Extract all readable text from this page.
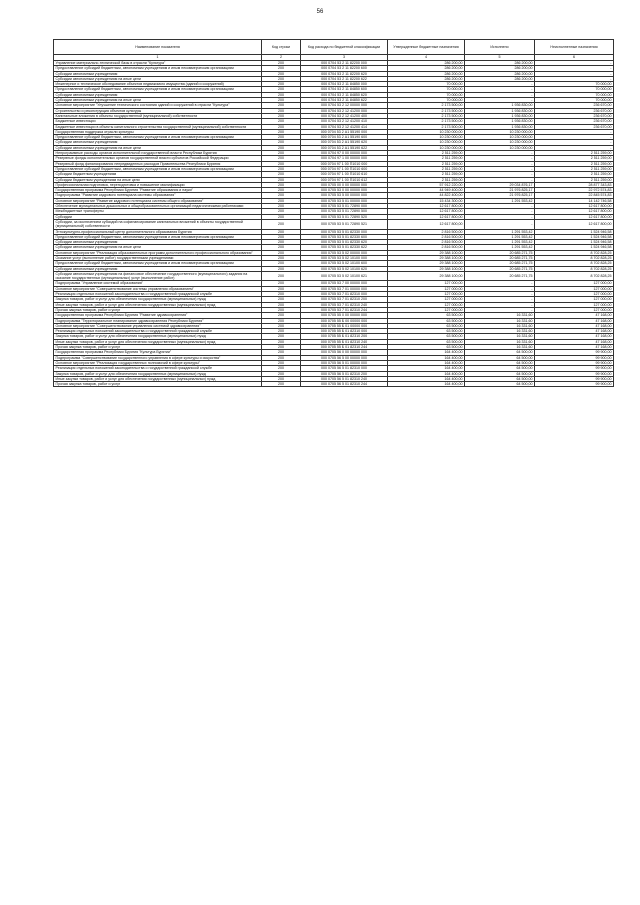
56
Наименование показателя	Код строки	Код расхода по бюджетной классификации	Утвержденные бюджетные назначения	Исполнено	Неисполненные назначения
1	2	3	4	5	6
Управление материально-технической базы в отрасли "Культура"	200	000 0704 53 2 11 82200 000	286 200,00	286 200,00	-
Предоставление субсидий бюджетным, автономным учреждениям и иным некоммерческим организациям	200	000 0704 53 2 11 82200 600	286 200,00	286 200,00	-
Субсидии автономным учреждениям	200	000 0704 53 2 11 82200 620	286 200,00	286 200,00	-
Субсидии автономным учреждениям на иные цели	200	000 0704 53 2 11 82200 622	286 200,00	286 200,00	-
Инженерное и техническое обследование объектов недвижимого имущества (зданий и сооружений)	200	000 0704 53 2 11 84850 000	70 000,00	-	70 000,00
Предоставление субсидий бюджетным, автономным учреждениям и иным некоммерческим организациям	200	000 0704 53 2 11 84850 600	70 000,00	-	70 000,00
Субсидии автономным учреждениям	200	000 0704 53 2 11 84850 620	70 000,00	-	70 000,00
Субсидии автономным учреждениям на иные цели	200	000 0704 53 2 11 84850 622	70 000,00	-	70 000,00
Основное мероприятие "Улучшение технического состояния зданий и сооружений в отрасли "Культура"	200	000 0704 53 2 12 00000 000	2 173 500,00	1 936 830,00	236 670,00
Строительство и реконструкция объектов культуры	200	000 0704 53 2 12 41200 000	2 173 500,00	1 936 830,00	236 670,00
Капитальные вложения в объекты государственной (муниципальной) собственности	200	000 0704 53 2 12 41200 400	2 173 500,00	1 936 830,00	236 670,00
Бюджетные инвестиции	200	000 0704 53 2 12 41200 410	2 173 500,00	1 936 830,00	236 670,00
Бюджетные инвестиции в объекты капитального строительства государственной (муниципальной) собственности	200	000 0704 53 2 12 41200 414	2 173 500,00	1 936 830,00	236 670,00
Государственная поддержка отрасли культуры	200	000 0704 53 2 А1 55190 000	10 230 000,00	10 230 000,00	-
Предоставление субсидий бюджетным, автономным учреждениям и иным некоммерческим организациям	200	000 0704 53 2 А1 55190 600	10 230 000,00	10 230 000,00	-
Субсидии автономным учреждениям	200	000 0704 53 2 А1 55190 620	10 230 000,00	10 230 000,00	-
Субсидии автономным учреждениям на иные цели	200	000 0704 53 2 А1 55190 622	10 230 000,00	10 230 000,00	-
Непрограммные расходы органов исполнительной государственной власти Республики Бурятия	200	000 0704 97 0 00 00000 000	2 511 259,00	-	2 511 259,00
Резервные фонды исполнительных органов государственной власти субъектов Российской Федерации	200	000 0704 97 1 00 00000 000	2 511 259,00	-	2 511 259,00
Резервный фонд финансирования непредвиденных расходов Правительства Республики Бурятия	200	000 0704 97 1 00 П1010 000	2 511 259,00	-	2 511 259,00
Предоставление субсидий бюджетным, автономным учреждениям и иным некоммерческим организациям	200	000 0704 97 1 00 П1010 600	2 511 259,00	-	2 511 259,00
Субсидии бюджетным учреждениям	200	000 0704 97 1 00 П1010 610	2 511 259,00	-	2 511 259,00
Субсидии бюджетным учреждениям на иные цели	200	000 0704 97 1 00 П1010 612	2 511 259,00	-	2 511 259,00
Профессиональная подготовка, переподготовка и повышение квалификации	200	000 0705 00 0 00 00000 000	57 912 220,00	29 034 876,17	28 877 343,83
Государственная программа Республики Бурятия "Развитие образования и науки"	200	000 0705 53 0 00 00000 000	44 949 400,00	21 976 825,17	22 972 574,83
Подпрограмма "Развитие кадрового потенциала системы образования"	200	000 0705 53 5 00 00000 000	44 822 400,00	21 976 825,17	22 845 574,83
Основное мероприятие "Развитие кадрового потенциала системы общего образования"	200	000 0705 53 5 01 00000 000	15 434 300,00	1 291 553,42	14 142 746,58
Обеспечение муниципальных дошкольных и общеобразовательных организаций педагогическими работниками	200	000 0705 53 5 01 72890 000	12 617 800,00	-	12 617 800,00
Межбюджетные трансферты	200	000 0705 53 5 01 72890 500	12 617 800,00	-	12 617 800,00
Субсидии	200	000 0705 53 5 01 72890 520	12 617 800,00	-	12 617 800,00
Субсидии, за исключением субсидий на софинансирование капитальных вложений в объекты государственной (муниципальной) собственности	200	000 0705 53 5 01 72890 521	12 617 800,00	-	12 617 800,00
Этнокультурно-профессиональный центр дополнительного образования Бурятия	200	000 0705 53 5 01 82330 000	2 816 500,00	1 291 553,42	1 524 946,58
Предоставление субсидий бюджетным, автономным учреждениям и иным некоммерческим организациям	200	000 0705 53 5 01 82330 600	2 816 500,00	1 291 553,42	1 524 946,58
Субсидии автономным учреждениям	200	000 0705 53 5 01 82330 620	2 816 500,00	1 291 553,42	1 524 946,58
Субсидии автономным учреждениям на иные цели	200	000 0705 53 5 01 82330 622	2 816 500,00	1 291 553,42	1 524 946,58
Основное мероприятие "Реализация образовательных программ дополнительного профессионального образования"	200	000 0705 53 5 02 00000 000	29 388 100,00	20 685 271,75	8 702 828,25
Оказание услуг (выполнение работ) государственными учреждениями	200	000 0705 53 5 02 10100 000	29 388 100,00	20 685 271,75	8 702 828,25
Предоставление субсидий бюджетным, автономным учреждениям и иным некоммерческим организациям	200	000 0705 53 5 02 10100 600	29 388 100,00	20 685 271,75	8 702 828,25
Субсидии автономным учреждениям	200	000 0705 53 5 02 10100 620	29 388 100,00	20 685 271,75	8 702 828,25
Субсидии автономным учреждениям на финансовое обеспечение государственного (муниципального) задания на оказание государственных (муниципальных) услуг (выполнение работ)	200	000 0705 53 5 02 10100 621	29 388 100,00	20 685 271,75	8 702 828,25
Подпрограмма "Управление системой образования"	200	000 0705 53 7 00 00000 000	127 000,00	-	127 000,00
Основное мероприятие "Совершенствование системы управления образованием"	200	000 0705 53 7 01 00000 000	127 000,00	-	127 000,00
Реализация отдельных положений законодательства о государственной гражданской службе	200	000 0705 53 7 01 82310 000	127 000,00	-	127 000,00
Закупка товаров, работ и услуг для обеспечения государственных (муниципальных) нужд	200	000 0705 53 7 01 82310 200	127 000,00	-	127 000,00
Иные закупки товаров, работ и услуг для обеспечения государственных (муниципальных) нужд	200	000 0705 53 7 01 82310 240	127 000,00	-	127 000,00
Прочая закупка товаров, работ и услуг	200	000 0705 53 7 01 82310 244	127 000,00	-	127 000,00
Государственная программа Республики Бурятия "Развитие здравоохранения"	200	000 0705 55 0 00 00000 000	63 500,00	16 331,60	47 168,00
Подпрограмма "Территориальное планирование здравоохранения Республики Бурятия"	200	000 0705 55 Б 00 00000 000	63 500,00	16 331,60	47 168,00
Основное мероприятие "Совершенствование управления системой здравоохранения"	200	000 0705 55 Б 01 00000 000	63 500,00	16 331,60	47 168,00
Реализация отдельных положений законодательства о государственной гражданской службе	200	000 0705 55 Б 01 82310 000	63 500,00	16 331,60	47 168,00
Закупка товаров, работ и услуг для обеспечения государственных (муниципальных) нужд	200	000 0705 55 Б 01 82310 200	63 500,00	16 331,60	47 168,00
Иные закупки товаров, работ и услуг для обеспечения государственных (муниципальных) нужд	200	000 0705 55 Б 01 82310 240	63 500,00	16 331,60	47 168,00
Прочая закупка товаров, работ и услуг	200	000 0705 55 Б 01 82310 244	63 500,00	16 331,60	47 168,00
Государственная программа Республики Бурятия "Культура Бурятии"	200	000 0705 56 0 00 00000 000	164 400,00	64 500,00	99 900,00
Подпрограмма "Совершенствование государственного управления в сфере культуры и искусства"	200	000 0705 56 5 00 00000 000	164 400,00	64 500,00	99 900,00
Основное мероприятие "Реализация государственных полномочий в сфере культуры"	200	000 0705 56 5 01 00000 000	164 400,00	64 500,00	99 900,00
Реализация отдельных положений законодательства о государственной гражданской службе	200	000 0705 56 5 01 82310 000	164 400,00	64 500,00	99 900,00
Закупка товаров, работ и услуг для обеспечения государственных (муниципальных) нужд	200	000 0705 56 5 01 82310 200	164 400,00	64 500,00	99 900,00
Иные закупки товаров, работ и услуг для обеспечения государственных (муниципальных) нужд	200	000 0705 56 5 01 82310 240	164 400,00	64 500,00	99 900,00
Прочая закупка товаров, работ и услуг	200	000 0705 56 5 01 82310 244	164 400,00	64 500,00	99 900,00
